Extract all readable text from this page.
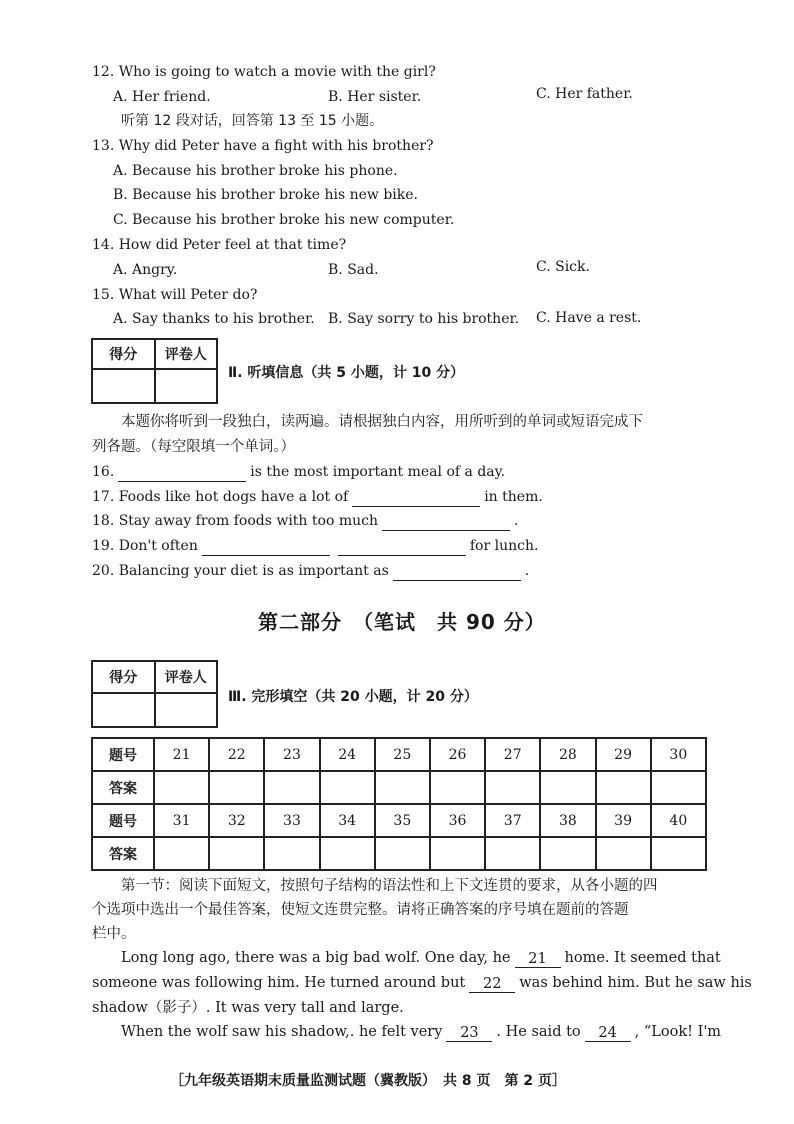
12. Who is going to watch a movie with the girl?
A. Her friend.	B. Her sister.	C. Her father.
听第 12 段对话，回答第 13 至 15 小题。
13. Why did Peter have a fight with his brother?
A. Because his brother broke his phone.
B. Because his brother broke his new bike.
C. Because his brother broke his new computer.
14. How did Peter feel at that time?
A. Angry.	B. Sad.	C. Sick.
15. What will Peter do?
A. Say thanks to his brother. B. Say sorry to his brother. C. Have a rest.
得分	评卷人

Ⅱ. 听填信息（共 5 小题，计 10 分）
本题你将听到一段独白，读两遍。请根据独白内容，用所听到的单词或短语完成下
列各题。（每空限填一个单词。）
16.	is the most important meal of a day.
17. Foods like hot dogs have a lot of	in them.
18. Stay away from foods with too much	.
19. Don't often	for lunch.
20. Balancing your diet is as important as	.
第二部分　（笔试　共 90 分）
得分	评卷人

Ⅲ. 完形填空（共 20 小题，计 20 分）
题号	21	22	23	24	25	26	27	28	29	30
答案										
题号	31	32	33	34	35	36	37	38	39	40
答案										
第一节：阅读下面短文，按照句子结构的语法性和上下文连贯的要求，从各小题的四
个选项中选出一个最佳答案，使短文连贯完整。请将正确答案的序号填在题前的答题
栏中。
Long long ago, there was a big bad wolf. One day, he 21 home. It seemed that
someone was following him. He turned around but 22 was behind him. But he saw his
shadow（影子）. It was very tall and large.
When the wolf saw his shadow,. he felt very 23 . He said to 24 , “Look! I'm
［九年级英语期末质量监测试题（冀教版）　共 8 页　第 2 页］
